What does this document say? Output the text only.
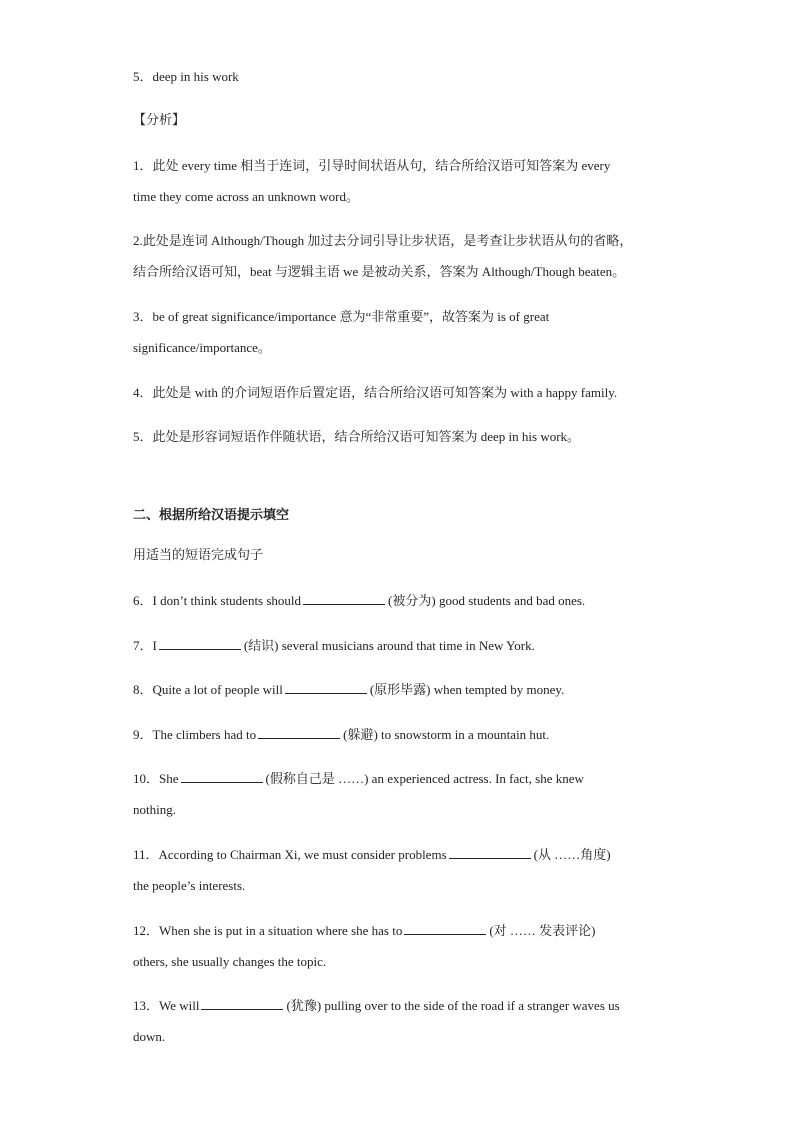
5．deep in his work

【分析】

1．此处 every time 相当于连词，引导时间状语从句，结合所给汉语可知答案为 every
time they come across an unknown word。

2.此处是连词 Although/Though 加过去分词引导让步状语，是考查让步状语从句的省略，
结合所给汉语可知，beat 与逻辑主语 we 是被动关系，答案为 Although/Though beaten。

3．be of great significance/importance 意为“非常重要”，故答案为 is of great
significance/importance。

4．此处是 with 的介词短语作后置定语，结合所给汉语可知答案为 with a happy family.

5．此处是形容词短语作伴随状语，结合所给汉语可知答案为 deep in his work。

二、根据所给汉语提示填空

用适当的短语完成句子

6．I don’t think students should	(被分为) good students and bad ones.

7．I	(结识) several musicians around that time in New York.

8．Quite a lot of people will	(原形毕露) when tempted by money.

9．The climbers had to	(躲避) to snowstorm in a mountain hut.

10．She	(假称自己是 ……) an experienced actress. In fact, she knew
nothing.

11．According to Chairman Xi, we must consider problems	(从 ……角度)
the people’s interests.

12．When she is put in a situation where she has to	(对 …… 发表评论)
others, she usually changes the topic.

13．We will	(犹豫) pulling over to the side of the road if a stranger waves us
down.
